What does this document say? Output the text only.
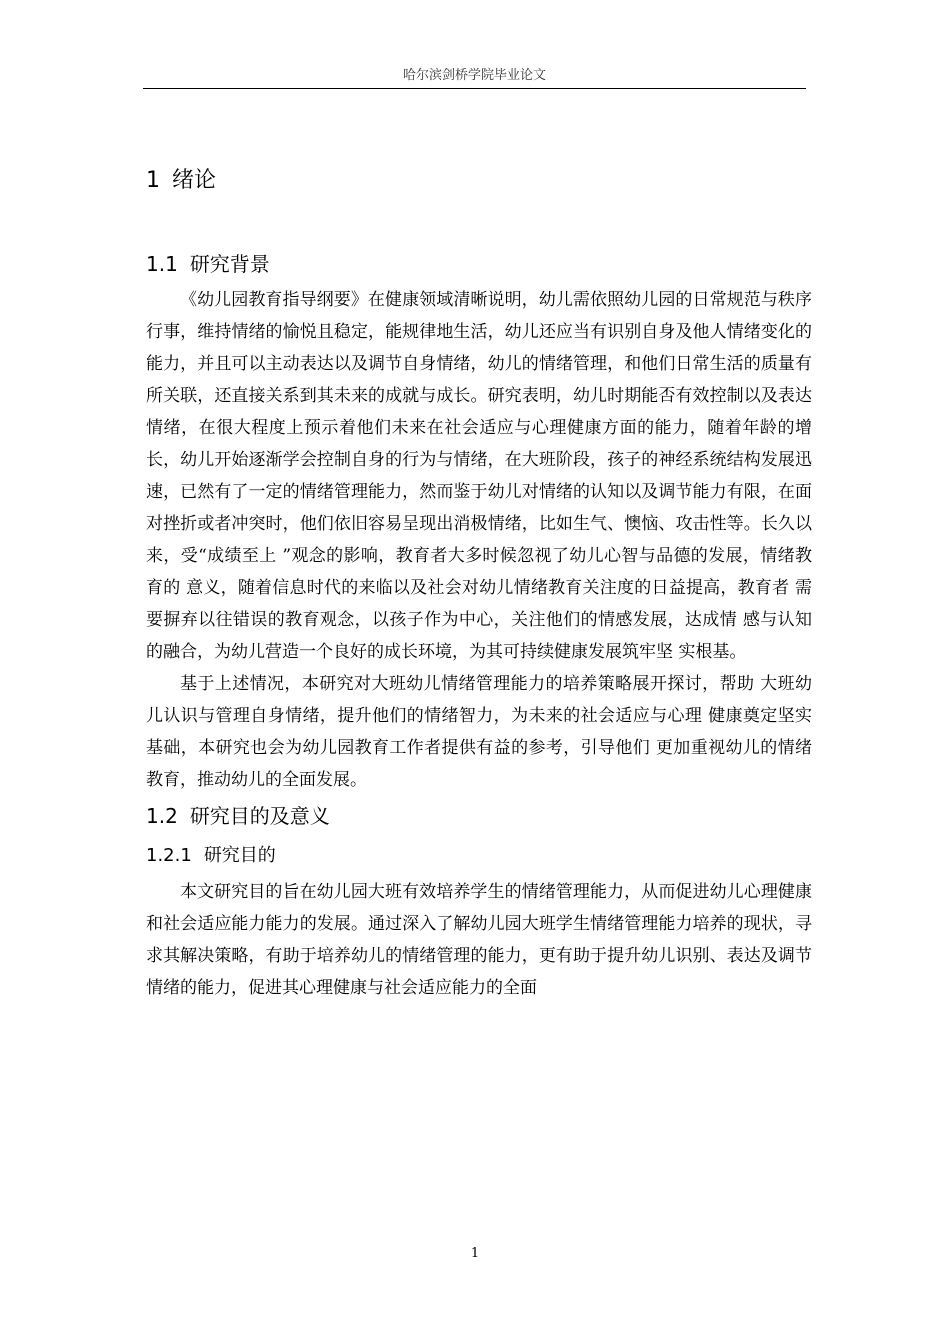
哈尔滨剑桥学院毕业论文
1 绪论
1.1 研究背景

《幼儿园教育指导纲要》在健康领域清晰说明，幼儿需依照幼儿园的日常规范与秩序行事，维持情绪的愉悦且稳定，能规律地生活，幼儿还应当有识别自身及他人情绪变化的能力，并且可以主动表达以及调节自身情绪，幼儿的情绪管理，和他们日常生活的质量有所关联，还直接关系到其未来的成就与成长。研究表明，幼儿时期能否有效控制以及表达情绪，在很大程度上预示着他们未来在社会适应与心理健康方面的能力，随着年龄的增长，幼儿开始逐渐学会控制自身的行为与情绪，在大班阶段，孩子的神经系统结构发展迅速，已然有了一定的情绪管理能力，然而鉴于幼儿对情绪的认知以及调节能力有限，在面对挫折或者冲突时，他们依旧容易呈现出消极情绪，比如生气、懊恼、攻击性等。长久以来，受“成绩至上 ”观念的影响，教育者大多时候忽视了幼儿心智与品德的发展，情绪教育的 意义，随着信息时代的来临以及社会对幼儿情绪教育关注度的日益提高，教育者 需要摒弃以往错误的教育观念，以孩子作为中心，关注他们的情感发展，达成情 感与认知的融合，为幼儿营造一个良好的成长环境，为其可持续健康发展筑牢坚 实根基。

基于上述情况，本研究对大班幼儿情绪管理能力的培养策略展开探讨，帮助 大班幼儿认识与管理自身情绪，提升他们的情绪智力，为未来的社会适应与心理 健康奠定坚实基础，本研究也会为幼儿园教育工作者提供有益的参考，引导他们 更加重视幼儿的情绪教育，推动幼儿的全面发展。

1.2 研究目的及意义
1.2.1 研究目的

本文研究目的旨在幼儿园大班有效培养学生的情绪管理能力，从而促进幼儿心理健康和社会适应能力能力的发展。通过深入了解幼儿园大班学生情绪管理能力培养的现状，寻求其解决策略，有助于培养幼儿的情绪管理的能力，更有助于提升幼儿识别、表达及调节情绪的能力，促进其心理健康与社会适应能力的全面

1
